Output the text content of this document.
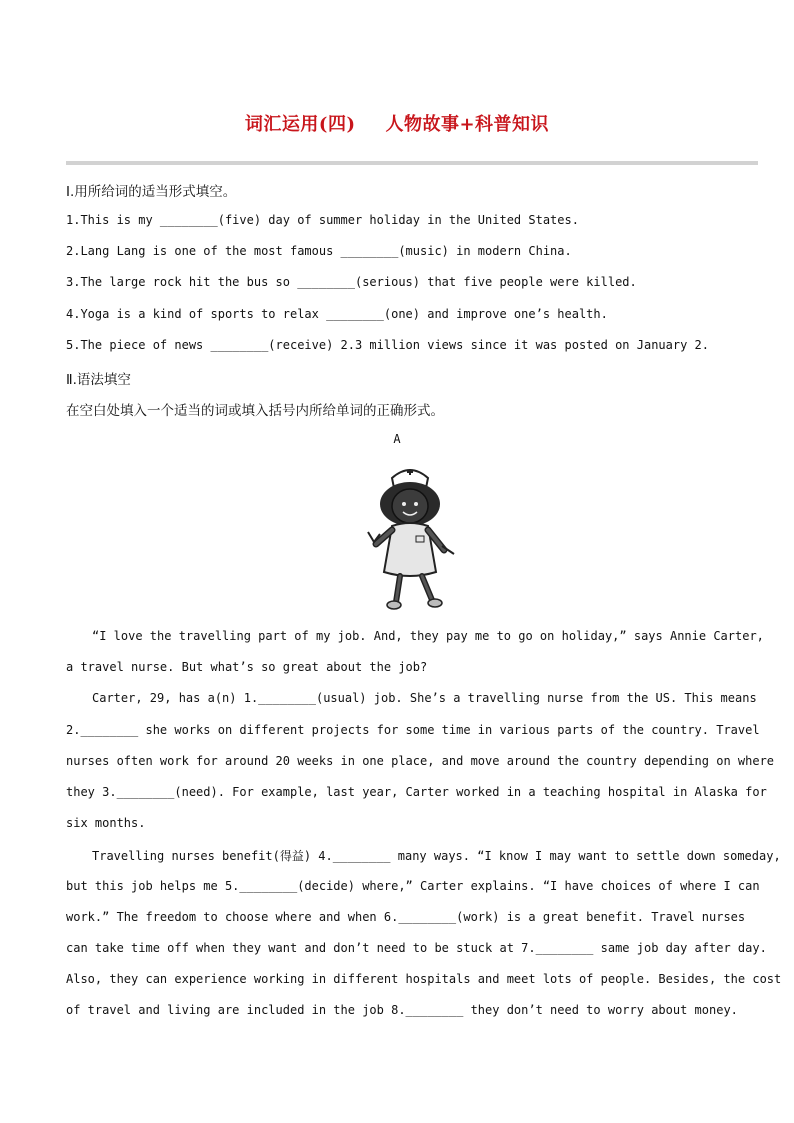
词汇运用(四) 人物故事+科普知识
Ⅰ.用所给词的适当形式填空。
1.This is my ________(five) day of summer holiday in the United States.
2.Lang Lang is one of the most famous ________(music) in modern China.
3.The large rock hit the bus so ________(serious) that five people were killed.
4.Yoga is a kind of sports to relax ________(one) and improve one’s health.
5.The piece of news ________(receive) 2.3 million views since it was posted on January 2.
Ⅱ.语法填空
在空白处填入一个适当的词或填入括号内所给单词的正确形式。
A
“I love the travelling part of my job. And, they pay me to go on holiday,” says Annie Carter,
a travel nurse. But what’s so great about the job?
Carter, 29, has a(n) 1.________(usual) job. She’s a travelling nurse from the US. This means
2.________ she works on different projects for some time in various parts of the country. Travel
nurses often work for around 20 weeks in one place, and move around the country depending on where
they 3.________(need). For example, last year, Carter worked in a teaching hospital in Alaska for
six months.
Travelling nurses benefit(得益) 4.________ many ways. “I know I may want to settle down someday,
but this job helps me 5.________(decide) where,” Carter explains. “I have choices of where I can
work.” The freedom to choose where and when 6.________(work) is a great benefit. Travel nurses
can take time off when they want and don’t need to be stuck at 7.________ same job day after day.
Also, they can experience working in different hospitals and meet lots of people. Besides, the cost
of travel and living are included in the job 8.________ they don’t need to worry about money.
